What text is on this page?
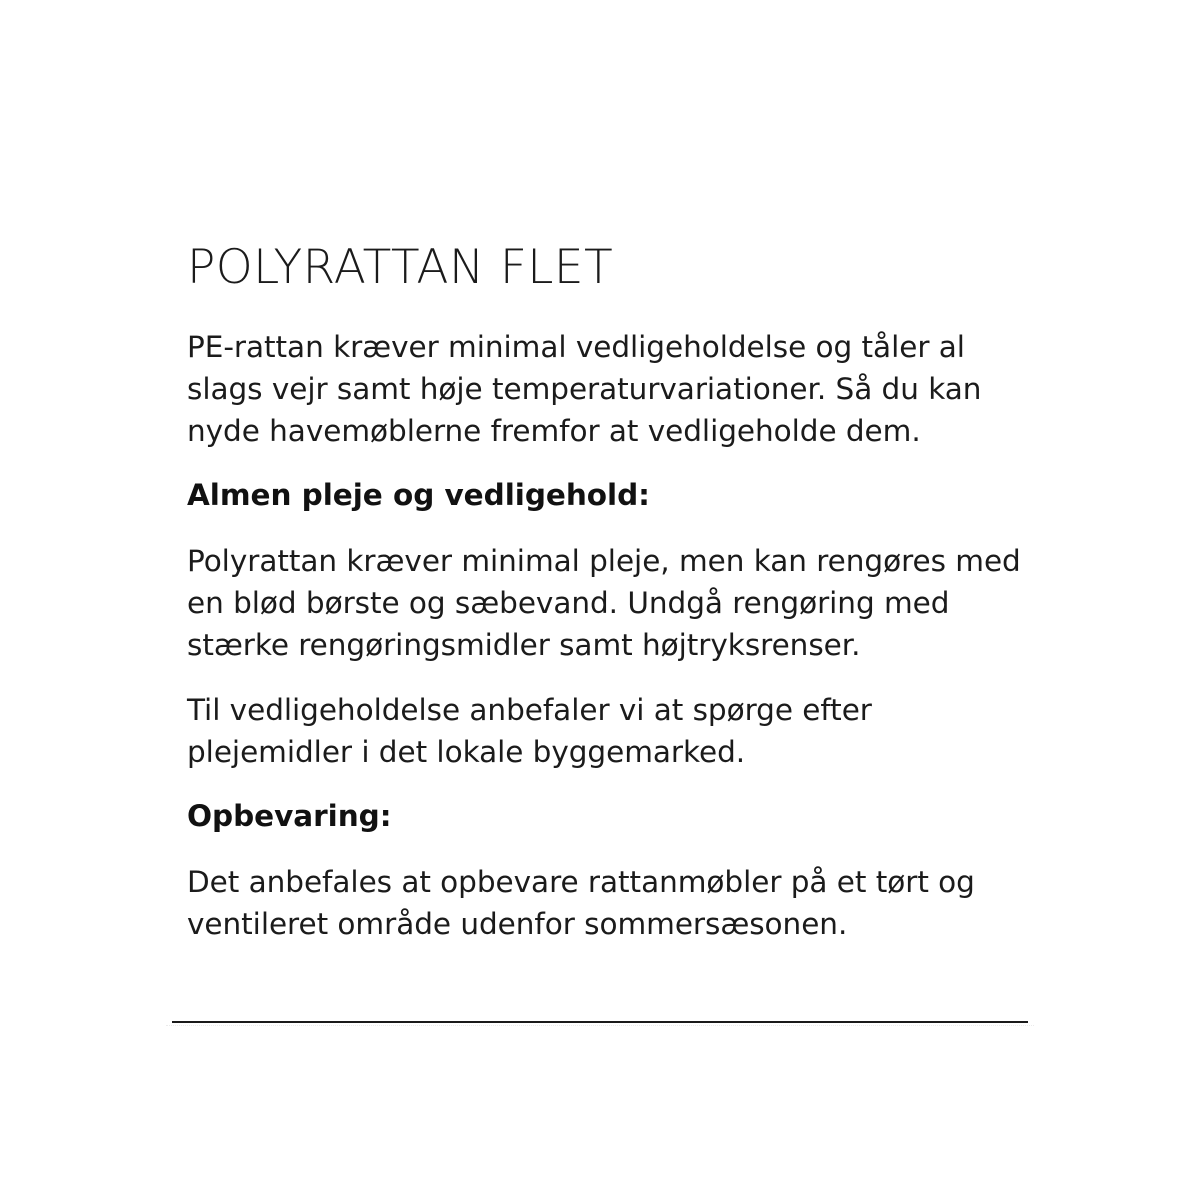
POLYRATTAN FLET

PE-rattan kræver minimal vedligeholdelse og tåler al slags vejr samt høje temperaturvariationer. Så du kan nyde havemøblerne fremfor at vedligeholde dem.

Almen pleje og vedligehold:

Polyrattan kræver minimal pleje, men kan rengøres med en blød børste og sæbevand. Undgå rengøring med stærke rengøringsmidler samt højtryksrenser.

Til vedligeholdelse anbefaler vi at spørge efter plejemidler i det lokale byggemarked.

Opbevaring:

Det anbefales at opbevare rattanmøbler på et tørt og ventileret område udenfor sommersæsonen.
